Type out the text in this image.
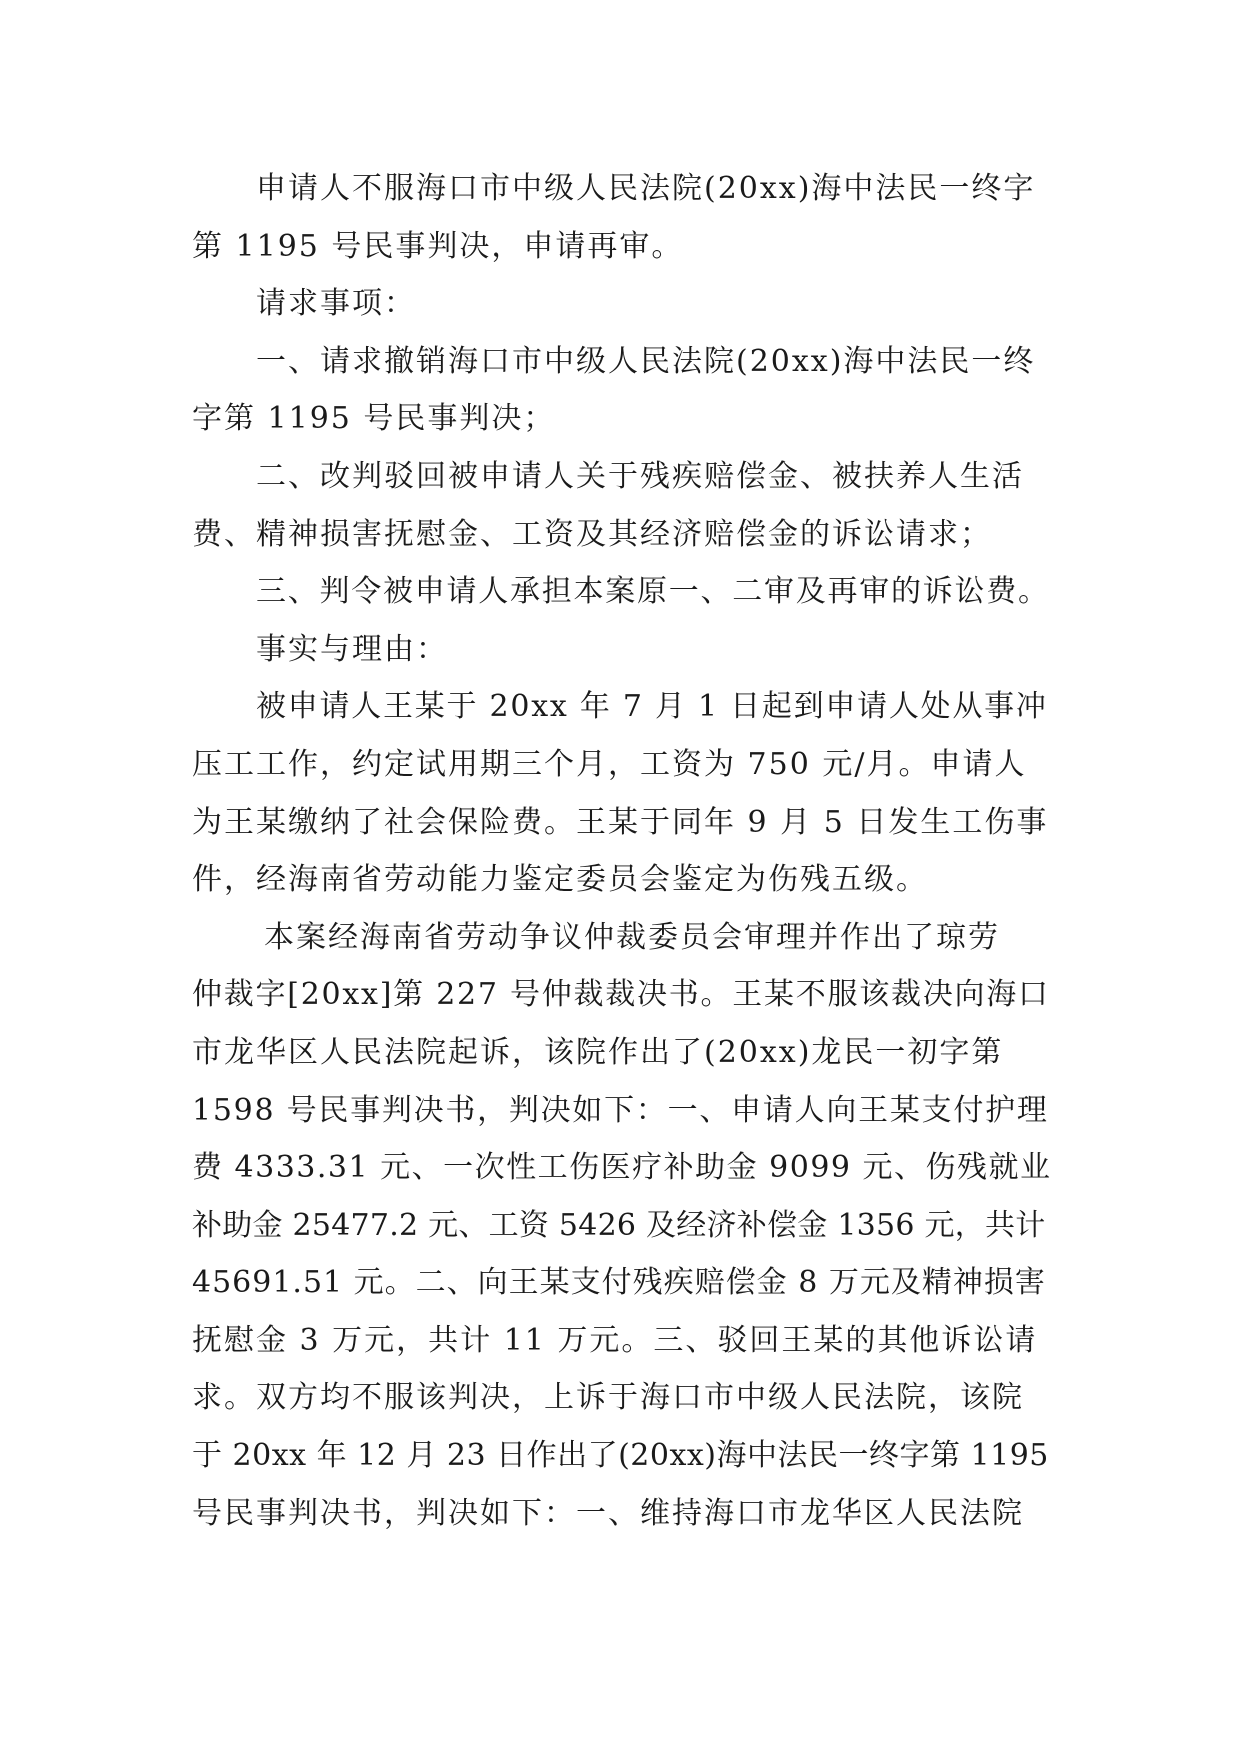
申请人不服海口市中级人民法院(20xx)海中法民一终字

第 1195 号民事判决，申请再审。

请求事项：

一、请求撤销海口市中级人民法院(20xx)海中法民一终

字第 1195 号民事判决；

二、改判驳回被申请人关于残疾赔偿金、被扶养人生活

费、精神损害抚慰金、工资及其经济赔偿金的诉讼请求；

三、判令被申请人承担本案原一、二审及再审的诉讼费。

事实与理由：

被申请人王某于 20xx 年 7 月 1 日起到申请人处从事冲

压工工作，约定试用期三个月，工资为 750 元/月。申请人

为王某缴纳了社会保险费。王某于同年 9 月 5 日发生工伤事

件，经海南省劳动能力鉴定委员会鉴定为伤残五级。

本案经海南省劳动争议仲裁委员会审理并作出了琼劳

仲裁字[20xx]第 227 号仲裁裁决书。王某不服该裁决向海口

市龙华区人民法院起诉，该院作出了(20xx)龙民一初字第

1598 号民事判决书，判决如下：一、申请人向王某支付护理

费 4333.31 元、一次性工伤医疗补助金 9099 元、伤残就业

补助金 25477.2 元、工资 5426 及经济补偿金 1356 元，共计

45691.51 元。二、向王某支付残疾赔偿金 8 万元及精神损害

抚慰金 3 万元，共计 11 万元。三、驳回王某的其他诉讼请

求。双方均不服该判决，上诉于海口市中级人民法院，该院

于 20xx 年 12 月 23 日作出了(20xx)海中法民一终字第 1195

号民事判决书，判决如下：一、维持海口市龙华区人民法院
